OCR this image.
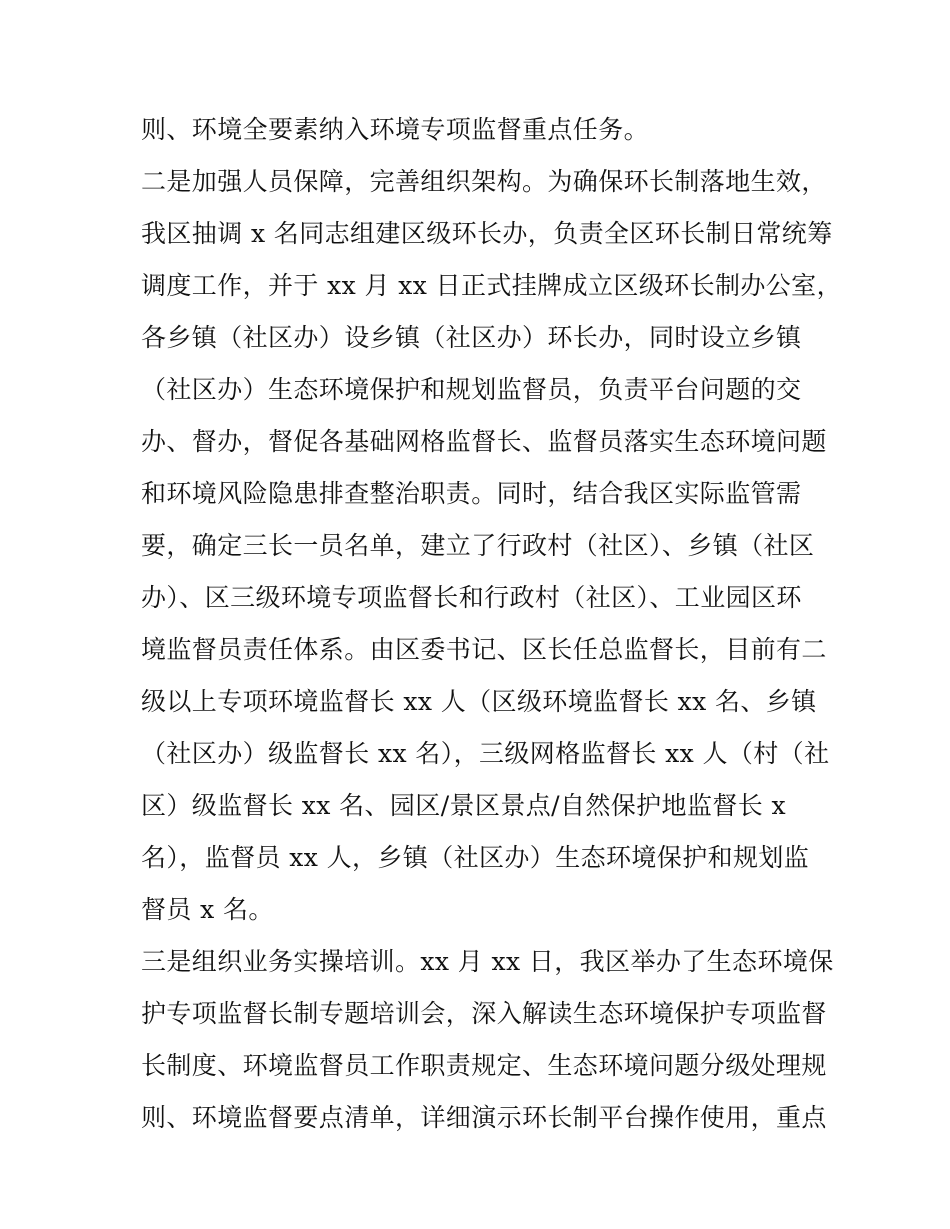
则、环境全要素纳入环境专项监督重点任务。
二是加强人员保障，完善组织架构。为确保环长制落地生效，
我区抽调 x 名同志组建区级环长办，负责全区环长制日常统筹
调度工作，并于 xx 月 xx 日正式挂牌成立区级环长制办公室，
各乡镇（社区办）设乡镇（社区办）环长办，同时设立乡镇
（社区办）生态环境保护和规划监督员，负责平台问题的交
办、督办，督促各基础网格监督长、监督员落实生态环境问题
和环境风险隐患排查整治职责。同时，结合我区实际监管需
要，确定三长一员名单，建立了行政村（社区）、乡镇（社区
办）、区三级环境专项监督长和行政村（社区）、工业园区环
境监督员责任体系。由区委书记、区长任总监督长，目前有二
级以上专项环境监督长 xx 人（区级环境监督长 xx 名、乡镇
（社区办）级监督长 xx 名），三级网格监督长 xx 人（村（社
区）级监督长 xx 名、园区/景区景点/自然保护地监督长 x
名），监督员 xx 人，乡镇（社区办）生态环境保护和规划监
督员 x 名。
三是组织业务实操培训。xx 月 xx 日，我区举办了生态环境保
护专项监督长制专题培训会，深入解读生态环境保护专项监督
长制度、环境监督员工作职责规定、生态环境问题分级处理规
则、环境监督要点清单，详细演示环长制平台操作使用，重点
